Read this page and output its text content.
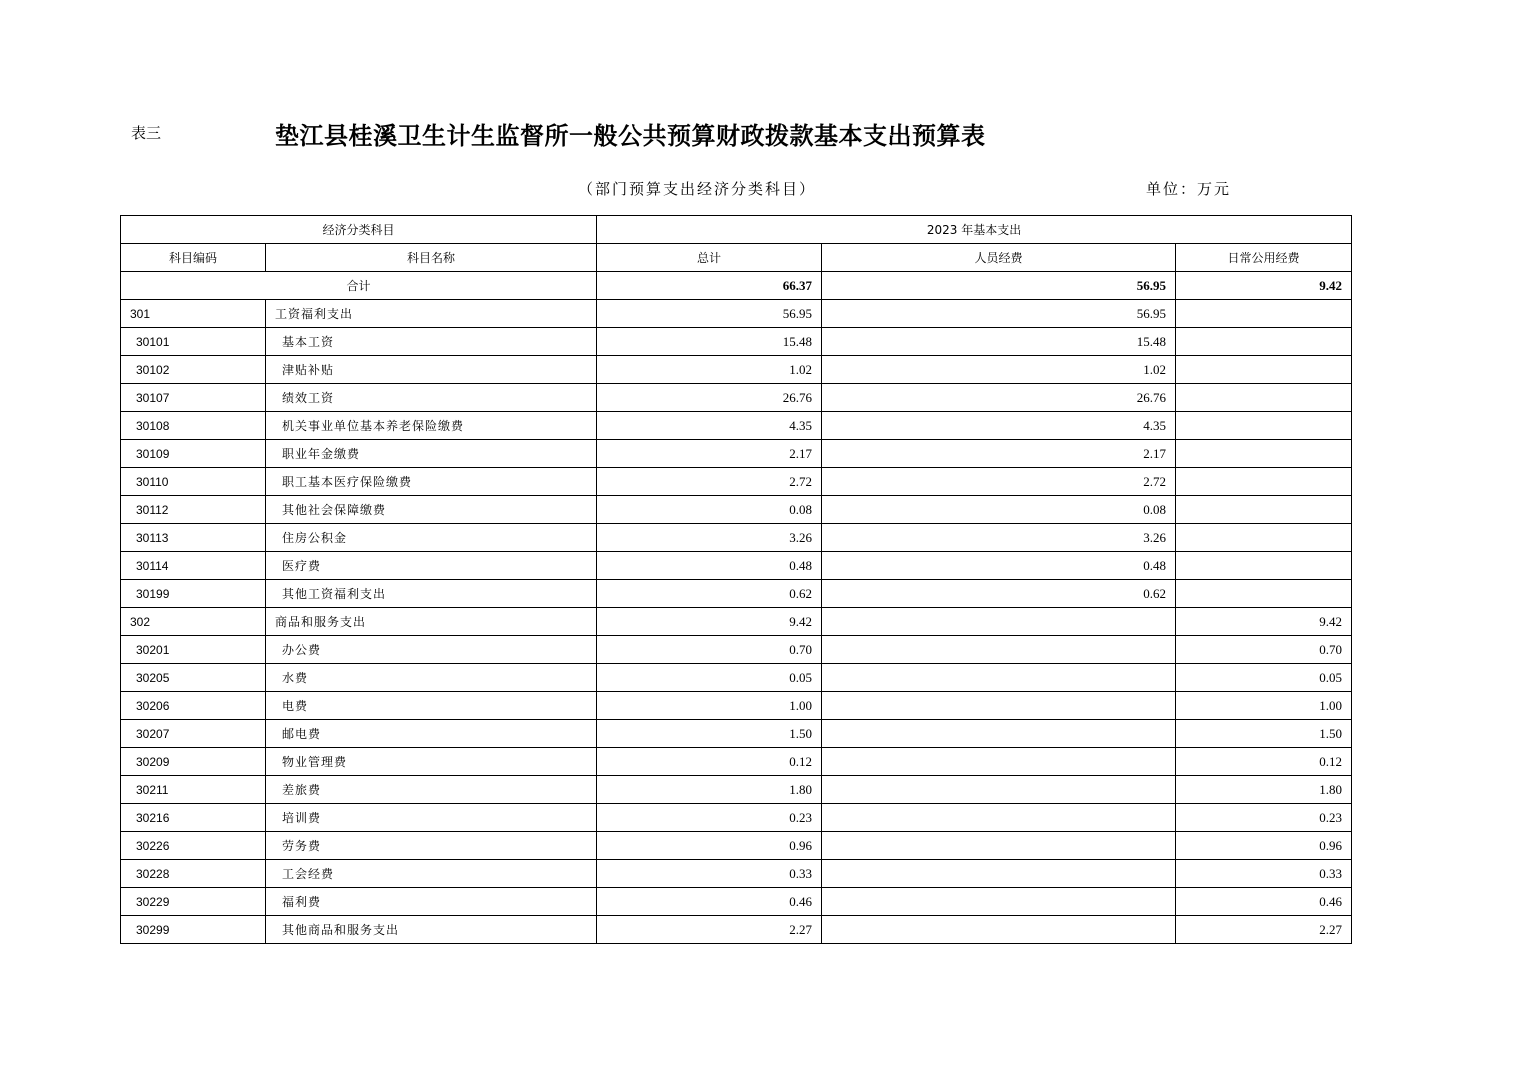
表三	垫江县桂溪卫生计生监督所一般公共预算财政拨款基本支出预算表
（部门预算支出经济分类科目）	单位：万元
经济分类科目		2023 年基本支出		
科目编码	科目名称	总计	人员经费	日常公用经费
合计		66.37	56.95	9.42
301	工资福利支出	56.95	56.95	
30101	基本工资	15.48	15.48	
30102	津贴补贴	1.02	1.02	
30107	绩效工资	26.76	26.76	
30108	机关事业单位基本养老保险缴费	4.35	4.35	
30109	职业年金缴费	2.17	2.17	
30110	职工基本医疗保险缴费	2.72	2.72	
30112	其他社会保障缴费	0.08	0.08	
30113	住房公积金	3.26	3.26	
30114	医疗费	0.48	0.48	
30199	其他工资福利支出	0.62	0.62	
302	商品和服务支出	9.42		9.42
30201	办公费	0.70		0.70
30205	水费	0.05		0.05
30206	电费	1.00		1.00
30207	邮电费	1.50		1.50
30209	物业管理费	0.12		0.12
30211	差旅费	1.80		1.80
30216	培训费	0.23		0.23
30226	劳务费	0.96		0.96
30228	工会经费	0.33		0.33
30229	福利费	0.46		0.46
30299	其他商品和服务支出	2.27		2.27
